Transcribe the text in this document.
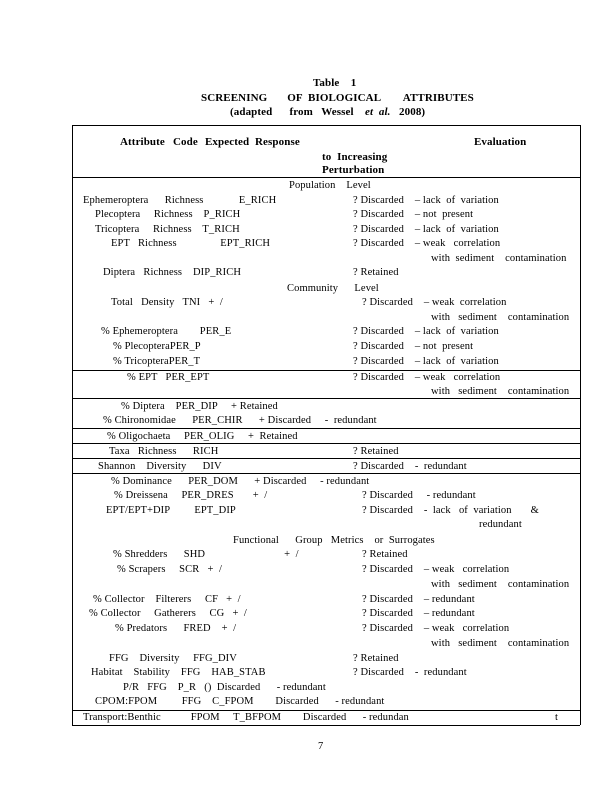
Table    1
SCREENING       OF  BIOLOGICAL        ATTRIBUTES
(adapted      from   Wessel et  al. 2008)
Attribute Code Expected Response	Evaluation
to  Increasing
Perturbation
Population    Level
Community      Level
Functional      Group   Metrics    or  Surrogates
Ephemeroptera      Richness             E_RICH	? Discarded    – lack  of  variation
Plecoptera     Richness    P_RICH	? Discarded    – not  present
Tricoptera     Richness    T_RICH	? Discarded    – lack  of  variation
EPT   Richness                EPT_RICH	? Discarded    – weak   correlation
with  sediment    contamination
Diptera   Richness    DIP_RICH	? Retained
Total   Density   TNI   +  /	? Discarded    – weak  correlation
with   sediment    contamination
% Ephemeroptera        PER_E	? Discarded    – lack  of  variation
% PlecopteraPER_P	? Discarded    – not  present
% TricopteraPER_T	? Discarded    – lack  of  variation
% EPT   PER_EPT	? Discarded    – weak   correlation
with   sediment    contamination
% Diptera    PER_DIP     + Retained
% Chironomidae      PER_CHIR      + Discarded     -  redundant
% Oligochaeta     PER_OLIG     +  Retained
Taxa   Richness      RICH	? Retained
Shannon    Diversity      DIV	? Discarded    -  redundant
% Dominance      PER_DOM      + Discarded     - redundant
% Dreissena     PER_DRES       +  /	? Discarded     - redundant
EPT/EPT+DIP         EPT_DIP	? Discarded    -  lack   of  variation       &
redundant
% Shredders      SHD                             +  /	? Retained
% Scrapers     SCR   +  /	? Discarded    – weak   correlation
with   sediment    contamination
% Collector    Filterers     CF   +  /	? Discarded    – redundant
% Collector     Gatherers     CG   +  /	? Discarded    – redundant
% Predators      FRED    +  /	? Discarded    – weak   correlation
with   sediment    contamination
FFG    Diversity     FFG_DIV	? Retained
Habitat    Stability    FFG    HAB_STAB	? Discarded    -  redundant
P/R   FFG    P_R   ()  Discarded      - redundant
CPOM:FPOM         FFG    C_FPOM        Discarded      - redundant
Transport:Benthic           FPOM     T_BFPOM        Discarded      - redundan	t
7
